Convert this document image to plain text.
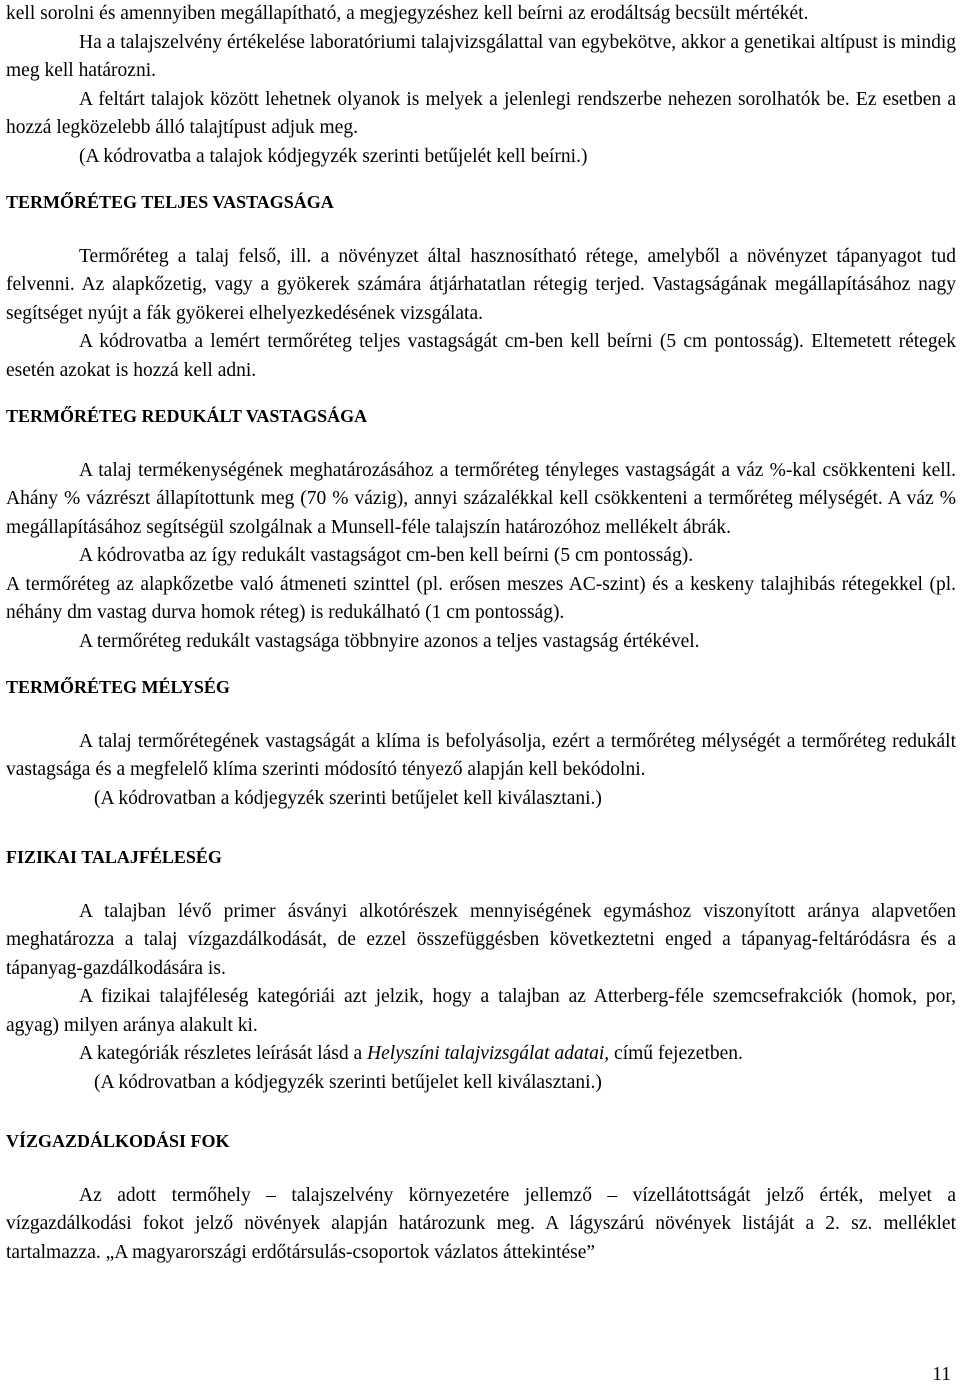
kell sorolni és amennyiben megállapítható, a megjegyzéshez kell beírni az erodáltság becsült mértékét.

Ha a talajszelvény értékelése laboratóriumi talajvizsgálattal van egybekötve, akkor a genetikai altípust is mindig meg kell határozni.

A feltárt talajok között lehetnek olyanok is melyek a jelenlegi rendszerbe nehezen sorolhatók be. Ez esetben a hozzá legközelebb álló talajtípust adjuk meg.

(A kódrovatba a talajok kódjegyzék szerinti betűjelét kell beírni.)

TERMŐRÉTEG TELJES VASTAGSÁGA

Termőréteg a talaj felső, ill. a növényzet által hasznosítható rétege, amelyből a növényzet tápanyagot tud felvenni. Az alapkőzetig, vagy a gyökerek számára átjárhatatlan rétegig terjed. Vastagságának megállapításához nagy segítséget nyújt a fák gyökerei elhelyezkedésének vizsgálata.

A kódrovatba a lemért termőréteg teljes vastagságát cm-ben kell beírni (5 cm pontosság). Eltemetett rétegek esetén azokat is hozzá kell adni.

TERMŐRÉTEG REDUKÁLT VASTAGSÁGA

A talaj termékenységének meghatározásához a termőréteg tényleges vastagságát a váz %-kal csökkenteni kell. Ahány % vázrészt állapítottunk meg (70 % vázig), annyi százalékkal kell csökkenteni a termőréteg mélységét. A váz % megállapításához segítségül szolgálnak a Munsell-féle talajszín határozóhoz mellékelt ábrák.

A kódrovatba az így redukált vastagságot cm-ben kell beírni (5 cm pontosság).

A termőréteg az alapkőzetbe való átmeneti szinttel (pl. erősen meszes AC-szint) és a keskeny talajhibás rétegekkel (pl. néhány dm vastag durva homok réteg) is redukálható (1 cm pontosság).

A termőréteg redukált vastagsága többnyire azonos a teljes vastagság értékével.

TERMŐRÉTEG MÉLYSÉG

A talaj termőrétegének vastagságát a klíma is befolyásolja, ezért a termőréteg mélységét a termőréteg redukált vastagsága és a megfelelő klíma szerinti módosító tényező alapján kell bekódolni.

(A kódrovatban a kódjegyzék szerinti betűjelet kell kiválasztani.)

FIZIKAI TALAJFÉLESÉG

A talajban lévő primer ásványi alkotórészek mennyiségének egymáshoz viszonyított aránya alapvetően meghatározza a talaj vízgazdálkodását, de ezzel összefüggésben következtetni enged a tápanyag-feltáródásra és a tápanyag-gazdálkodására is.

A fizikai talajféleség kategóriái azt jelzik, hogy a talajban az Atterberg-féle szemcsefrakciók (homok, por, agyag) milyen aránya alakult ki.

A kategóriák részletes leírását lásd a Helyszíni talajvizsgálat adatai, című fejezetben.

(A kódrovatban a kódjegyzék szerinti betűjelet kell kiválasztani.)

VÍZGAZDÁLKODÁSI FOK

Az adott termőhely – talajszelvény környezetére jellemző – vízellátottságát jelző érték, melyet a vízgazdálkodási fokot jelző növények alapján határozunk meg. A lágyszárú növények listáját a 2. sz. melléklet tartalmazza. „A magyarországi erdőtársulás-csoportok vázlatos áttekintése”

11
